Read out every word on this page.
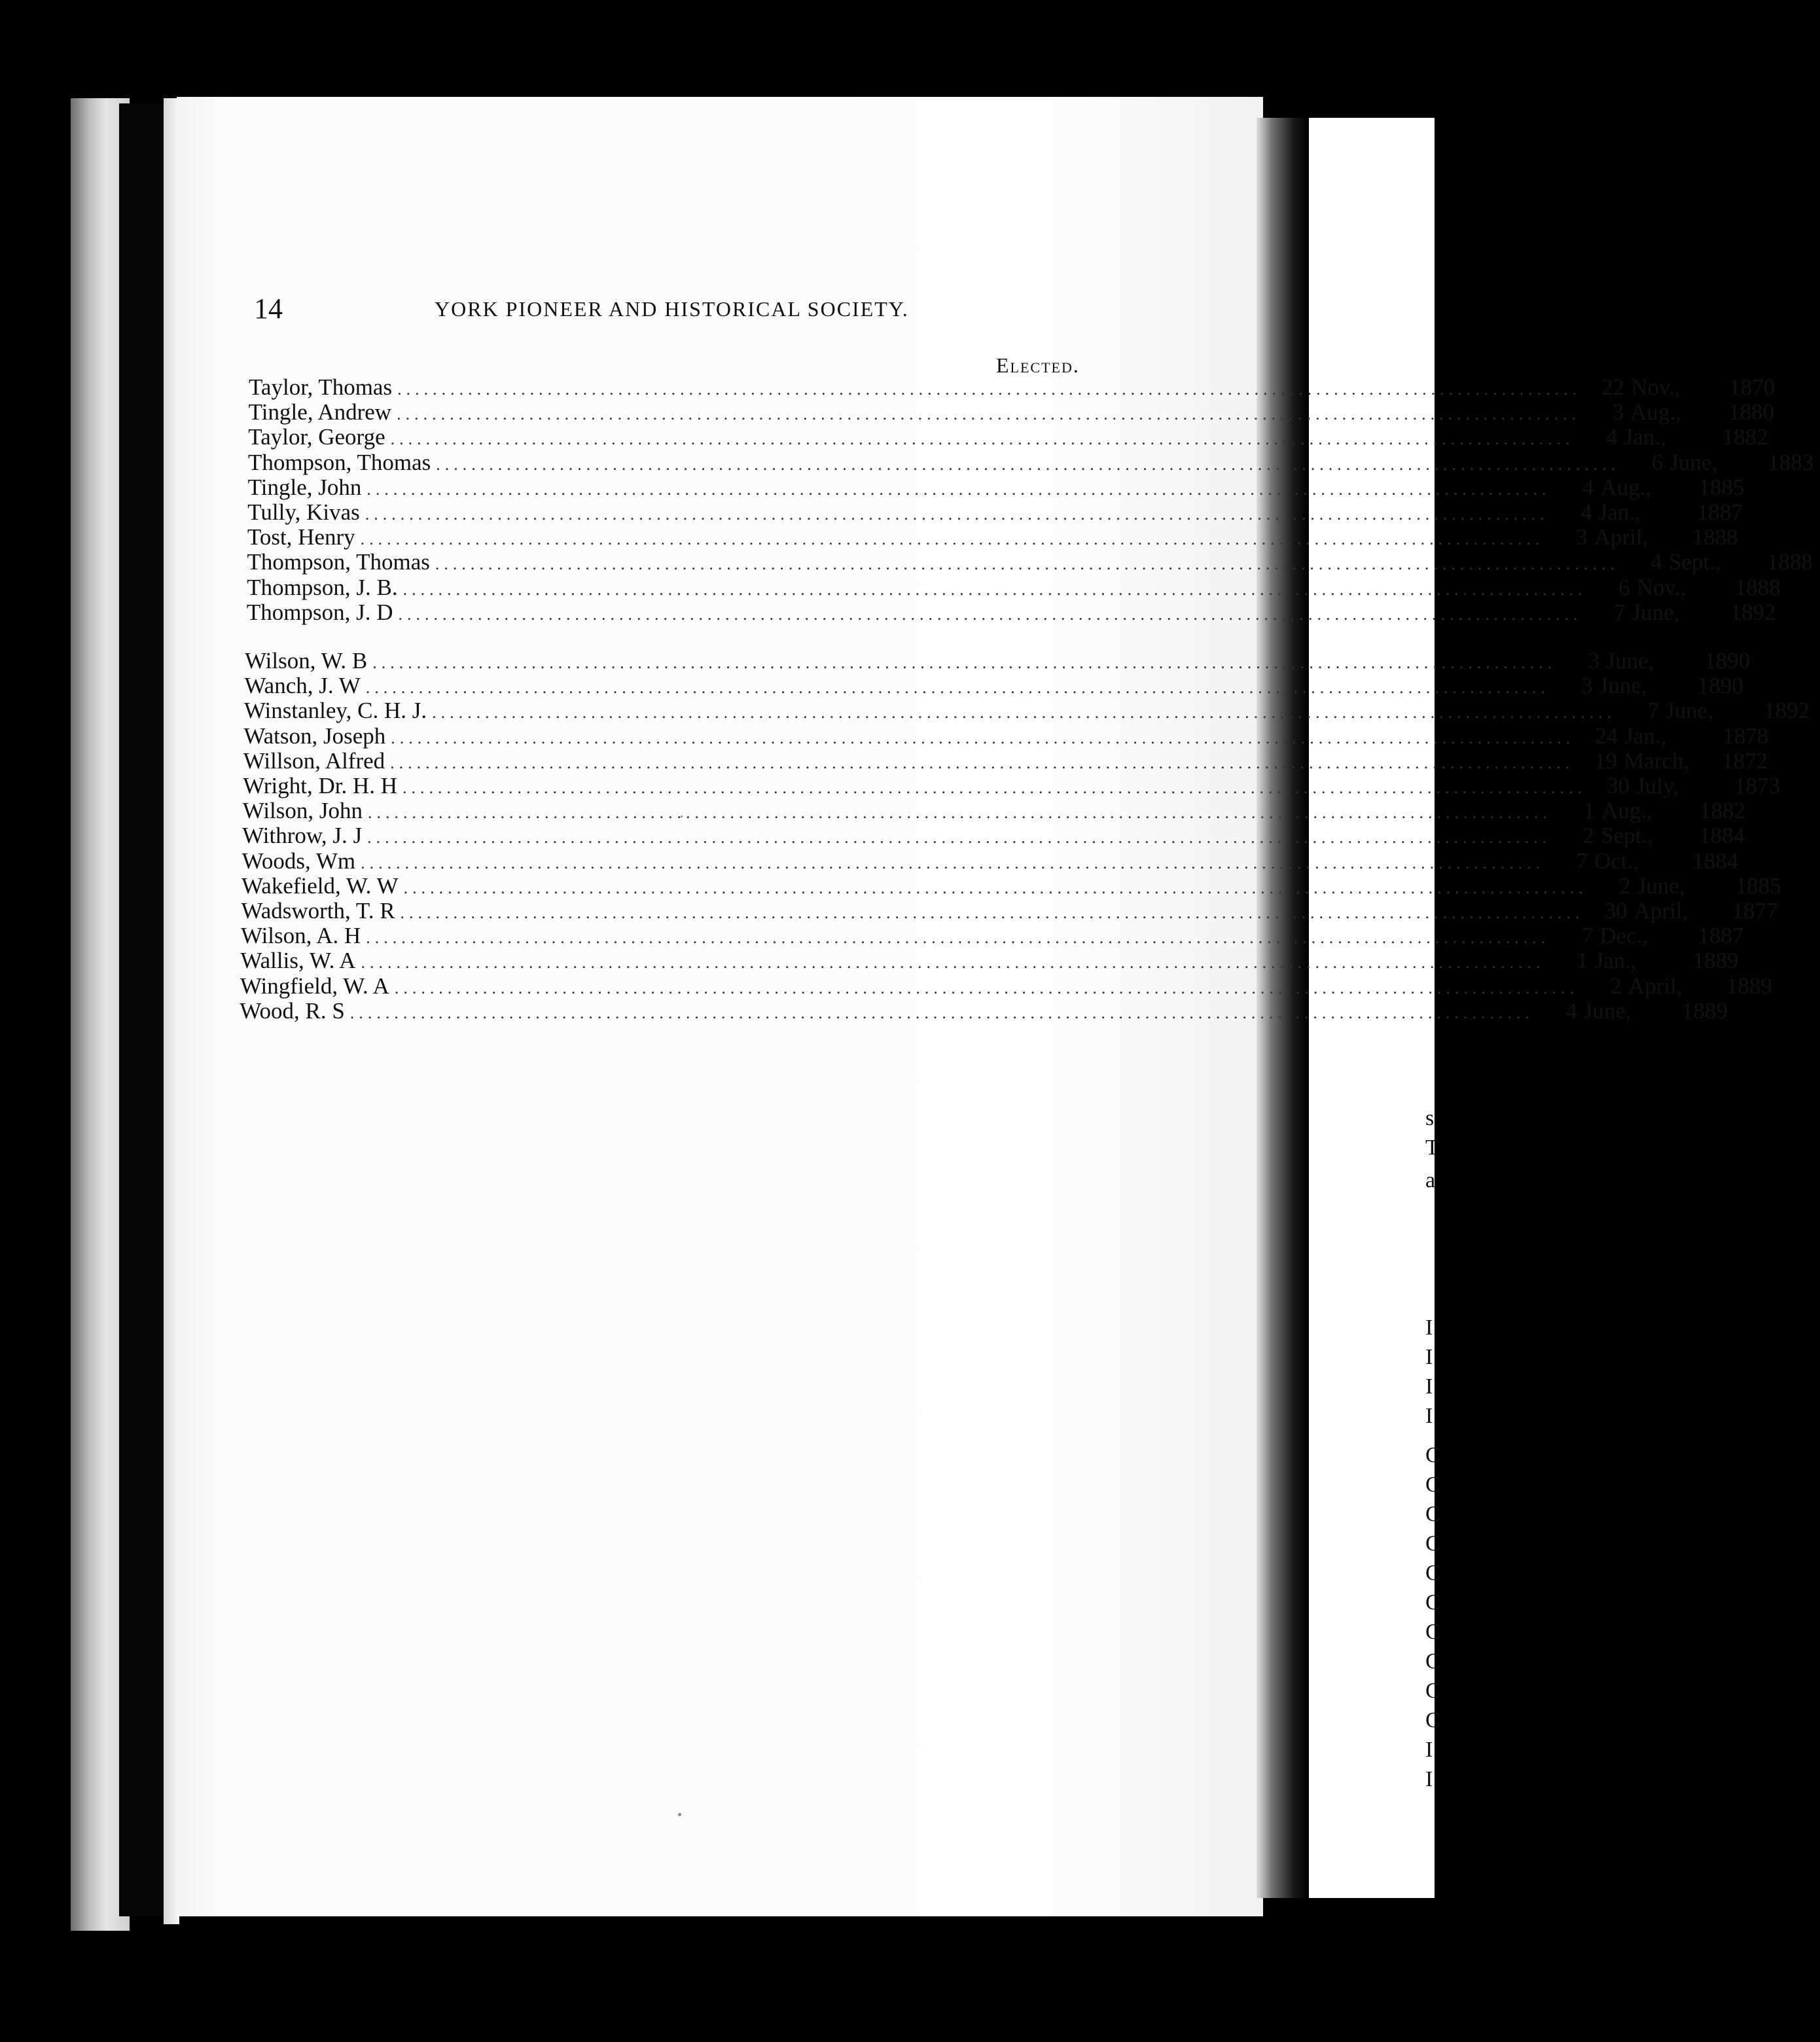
14	YORK PIONEER AND HISTORICAL SOCIETY.
Elected.
Taylor, Thomas .....	22 Nov.,	1870
Tingle, Andrew .....	3 Aug.,	1880
Taylor, George .....	4 Jan.,	1882
Thompson, Thomas .....	6 June,	1883
Tingle, John .....	4 Aug.,	1885
Tully, Kivas .....	4 Jan.,	1887
Tost, Henry .....	3 April,	1888
Thompson, Thomas .....	4 Sept.,	1888
Thompson, J. B. .....	6 Nov.,	1888
Thompson, J. D .....	7 June,	1892
Wilson, W. B .....	3 June,	1890
Wanch, J. W .....	3 June,	1890
Winstanley, C. H. J. .....	7 June,	1892
Watson, Joseph .....	24 Jan.,	1878
Willson, Alfred .....	19 March,	1872
Wright, Dr. H. H .....	30 July,	1873
Wilson, John .....	1 Aug.,	1882
Withrow, J. J .....	2 Sept.,	1884
Woods, Wm .....	7 Oct.,	1884
Wakefield, W. W .....	2 June,	1885
Wadsworth, T. R .....	30 April,	1877
Wilson, A. H .....	7 Dec.,	1887
Wallis, W. A .....	1 Jan.,	1889
Wingfield, W. A .....	2 April,	1889
Wood, R. S .....	4 June,	1889
s
T
a
I
I
I
I
C
C
C
C
C
C
C
C
C
C
I
I
